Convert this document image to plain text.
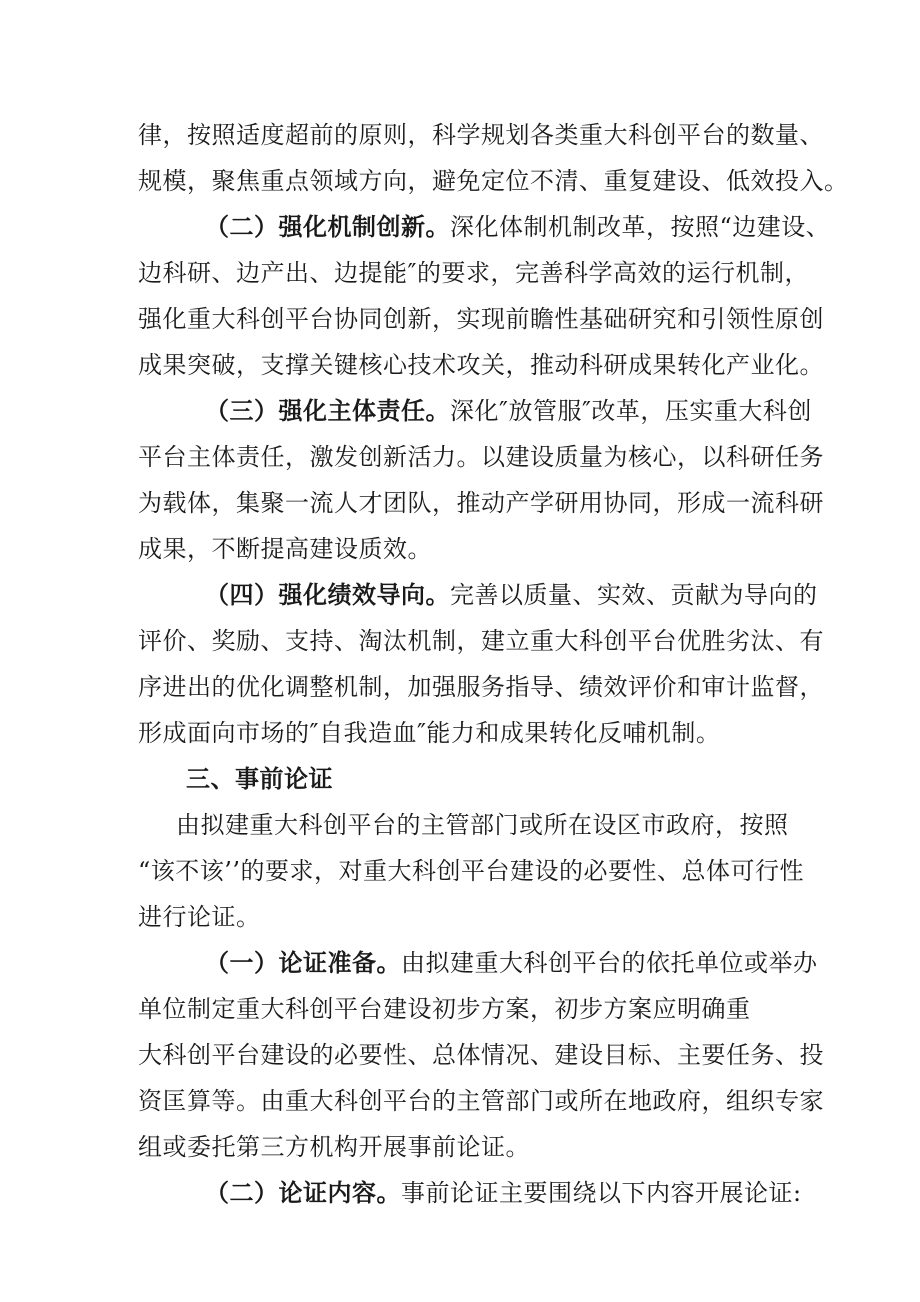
律，按照适度超前的原则，科学规划各类重大科创平台的数量、
规模，聚焦重点领域方向，避免定位不清、重复建设、低效投入。
（二）强化机制创新。深化体制机制改革，按照“边建设、
边科研、边产出、边提能″的要求，完善科学高效的运行机制，
强化重大科创平台协同创新，实现前瞻性基础研究和引领性原创
成果突破，支撑关键核心技术攻关，推动科研成果转化产业化。
（三）强化主体责任。深化″放管服″改革，压实重大科创
平台主体责任，激发创新活力。以建设质量为核心，以科研任务
为载体，集聚一流人才团队，推动产学研用协同，形成一流科研
成果，不断提高建设质效。
（四）强化绩效导向。完善以质量、实效、贡献为导向的
评价、奖励、支持、淘汰机制，建立重大科创平台优胜劣汰、有
序进出的优化调整机制，加强服务指导、绩效评价和审计监督，
形成面向市场的″自我造血″能力和成果转化反哺机制。
三、事前论证
由拟建重大科创平台的主管部门或所在设区市政府，按照
“该不该’’的要求，对重大科创平台建设的必要性、总体可行性
进行论证。
（一）论证准备。由拟建重大科创平台的依托单位或举办
单位制定重大科创平台建设初步方案，初步方案应明确重
大科创平台建设的必要性、总体情况、建设目标、主要任务、投
资匡算等。由重大科创平台的主管部门或所在地政府，组织专家
组或委托第三方机构开展事前论证。
（二）论证内容。事前论证主要围绕以下内容开展论证:
